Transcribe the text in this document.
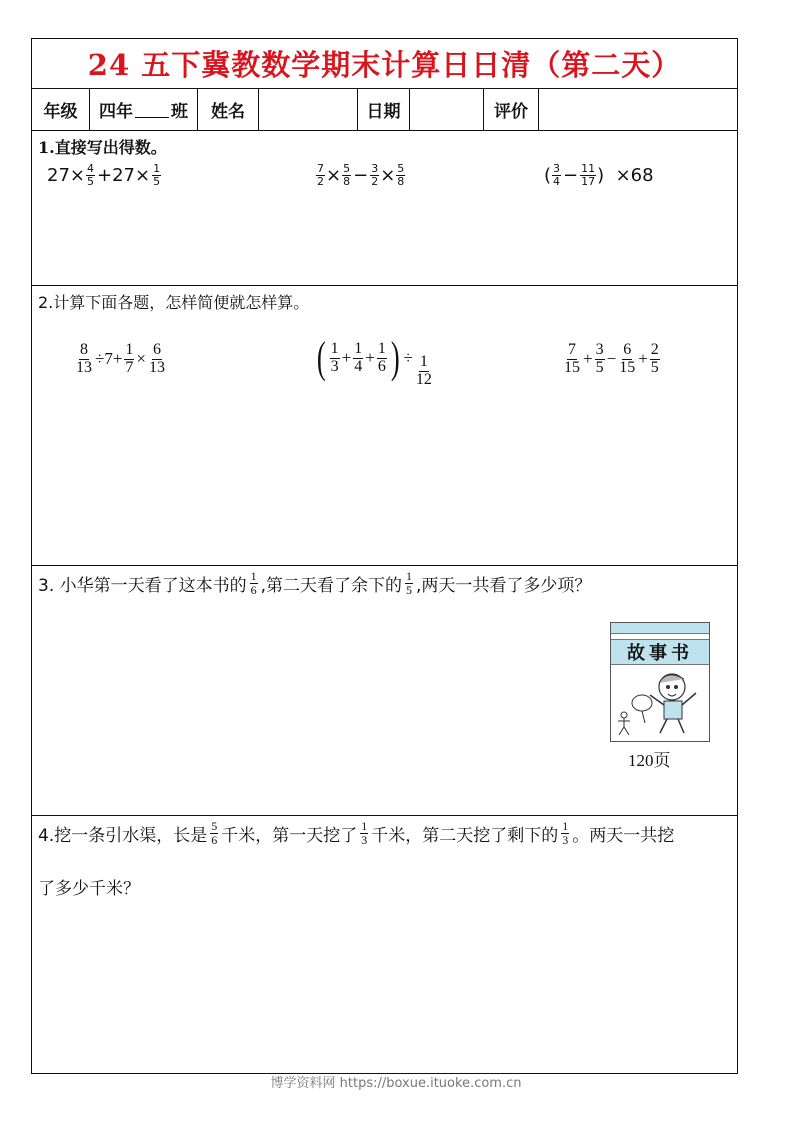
24 五下冀教数学期末计算日日清（第二天）
年级	四年 班	姓名	日期	评价
1.直接写出得数。
$27\times \frac{4}{5} +27\times \frac{1}{5}$	$\frac{7}{2} \times \frac{5}{8} - \frac{3}{2} \times \frac{5}{8}$	( $\frac{3}{4} - \frac{11}{17}$ )  ×68
2.计算下面各题，怎样简便就怎样算。
$\frac{8}{13} \div 7+ \frac{1}{7} \times \frac{6}{13}$	( $\frac{1}{3} + \frac{1}{4} + \frac{1}{6}$ ) ÷ $\frac{1}{12}$	$\frac{7}{15} + \frac{3}{5} - \frac{6}{15} + \frac{2}{5}$
3. 小华第一天看了这本书的 $\frac{1}{6}$ ,第二天看了余下的 $\frac{1}{5}$ ,两天一共看了多少项？
故事书
120页
4.挖一条引水渠，长是 $\frac{5}{6}$ 千米，第一天挖了 $\frac{1}{3}$ 千米，第二天挖了剩下的 $\frac{1}{3}$ 。两天一共挖
了多少千米？
博学资料网 https://boxue.ituoke.com.cn
